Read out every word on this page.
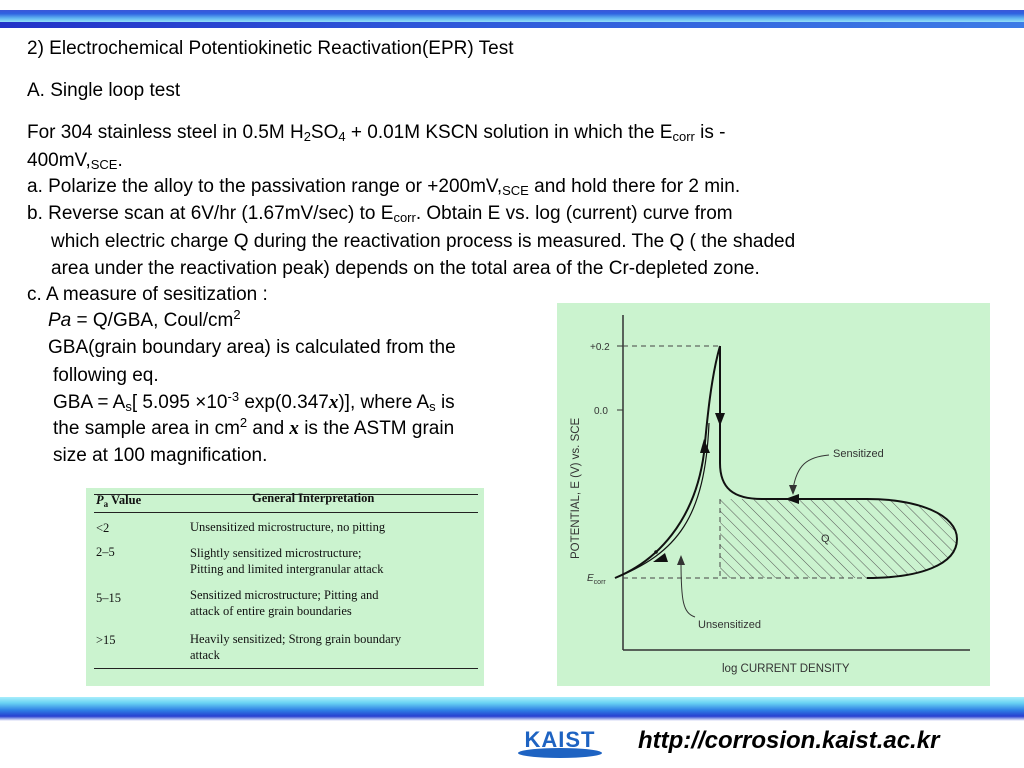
2) Electrochemical Potentiokinetic Reactivation(EPR) Test
A. Single loop test
For 304 stainless steel in 0.5M $H_2SO_4 + 0.01M$ KSCN solution in which the $E_{corr}$ is -
$400mV,_{SCE}$.
a. Polarize the alloy to the passivation range or $+200mV,_{SCE}$ and hold there for 2 min.
b. Reverse scan at 6V/hr (1.67mV/sec) to $E_{corr}$. Obtain E vs. log (current) curve from
which electric charge Q during the reactivation process is measured. The Q ( the shaded
area under the reactivation peak) depends on the total area of the Cr-depleted zone.
c. A measure of sesitization :
Pa = Q/GBA, Coul/$cm^2$
GBA(grain boundary area) is calculated from the
following eq.
GBA = $A_s$[ $5.095 \times 10^{-3}$ exp(0.347x)], where $A_s$ is
the sample area in $cm^2$ and x is the ASTM grain
size at 100 magnification.
$P_a$ Value	General Interpretation
<2	Unsensitized microstructure, no pitting
2–5	Slightly sensitized microstructure;
Pitting and limited intergranular attack
5–15	Sensitized microstructure; Pitting and
attack of entire grain boundaries
>15	Heavily sensitized; Strong grain boundary
attack
+0.2
0.0
$E_{corr}$
Sensitized
Unsensitized
Q
log CURRENT DENSITY
POTENTIAL, E (V) vs. SCE
KAIST http://corrosion.kaist.ac.kr
